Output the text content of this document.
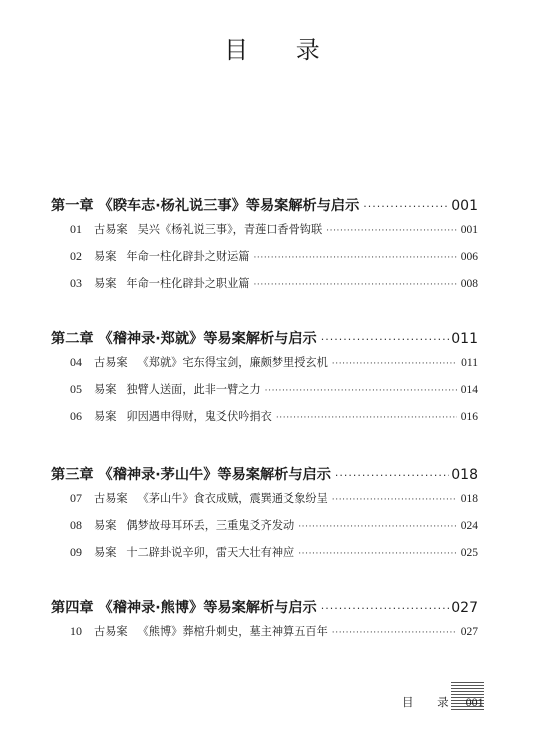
目 录
第一章 《睽车志·杨礼说三事》等易案解析与启示 ·····	001
01	古易案 吴兴《杨礼说三事》，青莲口香骨钩联 ·····	001
02	易案 年命一柱化辟卦之财运篇 ·····	006
03	易案 年命一柱化辟卦之职业篇 ·····	008
第二章 《稽神录·郑就》等易案解析与启示 ·····	011
04	古易案 《郑就》宅东得宝剑，廉颇梦里授玄机 ·····	011
05	易案 独臂人送面，此非一臂之力 ·····	014
06	易案 卯因遇申得财，鬼爻伏吟捐衣 ·····	016
第三章 《稽神录·茅山牛》等易案解析与启示 ·····	018
07	古易案 《茅山牛》食衣成贼，震巽通爻象纷呈 ·····	018
08	易案 偶梦故母耳环丢，三重鬼爻齐发动 ·····	024
09	易案 十二辟卦说辛卯，雷天大壮有神应 ·····	025
第四章 《稽神录·熊博》等易案解析与启示 ·····	027
10	古易案 《熊博》葬棺升刺史，墓主神算五百年 ·····	027
目 录 001
